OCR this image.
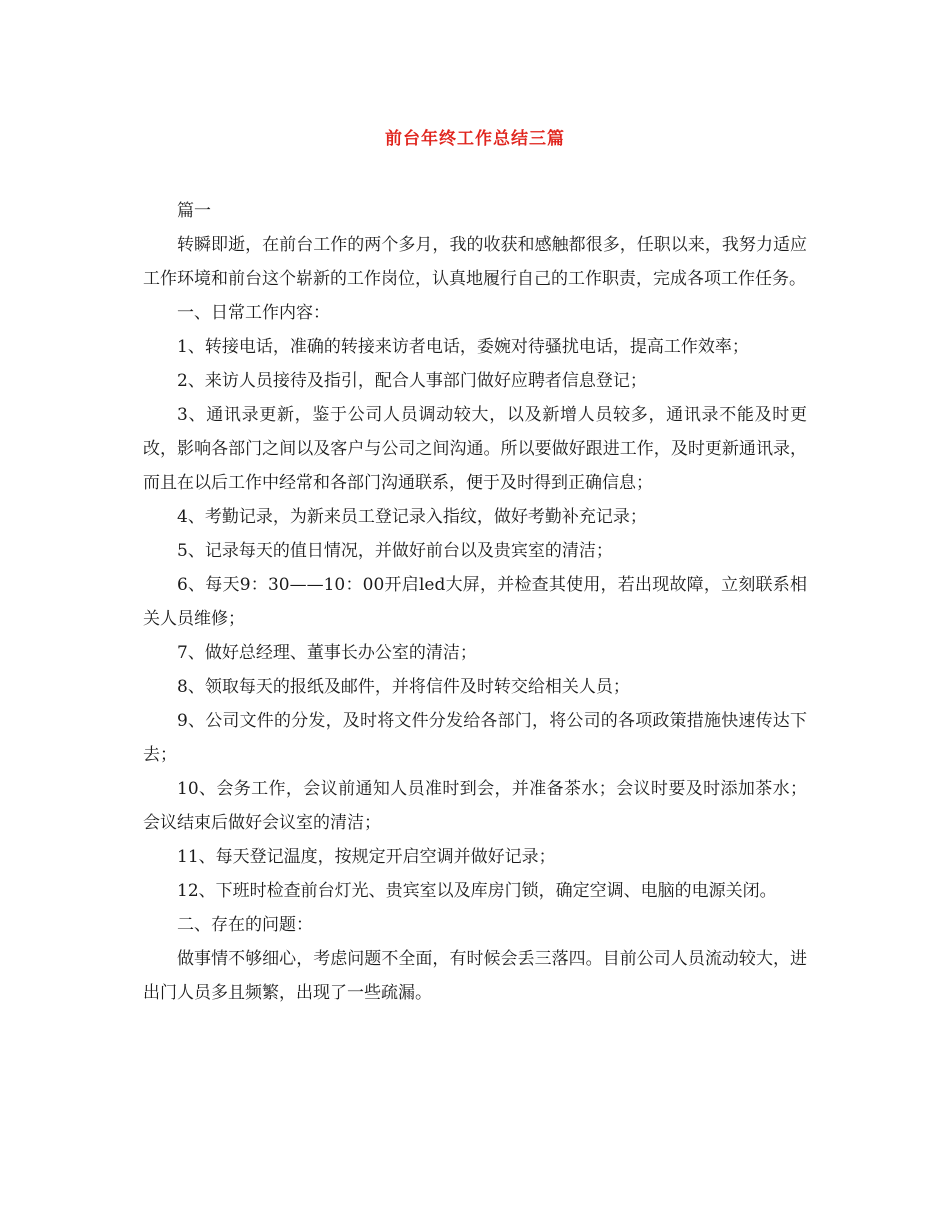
前台年终工作总结三篇

篇一

转瞬即逝，在前台工作的两个多月，我的收获和感触都很多，任职以来，我努力适应工作环境和前台这个崭新的工作岗位，认真地履行自己的工作职责，完成各项工作任务。

一、日常工作内容：

1、转接电话，准确的转接来访者电话，委婉对待骚扰电话，提高工作效率；

2、来访人员接待及指引，配合人事部门做好应聘者信息登记；

3、通讯录更新，鉴于公司人员调动较大，以及新增人员较多，通讯录不能及时更改，影响各部门之间以及客户与公司之间沟通。所以要做好跟进工作，及时更新通讯录，而且在以后工作中经常和各部门沟通联系，便于及时得到正确信息；

4、考勤记录，为新来员工登记录入指纹，做好考勤补充记录；

5、记录每天的值日情况，并做好前台以及贵宾室的清洁；

6、每天9：30——10：00开启led大屏，并检查其使用，若出现故障，立刻联系相关人员维修；

7、做好总经理、董事长办公室的清洁；

8、领取每天的报纸及邮件，并将信件及时转交给相关人员；

9、公司文件的分发，及时将文件分发给各部门，将公司的各项政策措施快速传达下去；

10、会务工作，会议前通知人员准时到会，并准备茶水；会议时要及时添加茶水；会议结束后做好会议室的清洁；

11、每天登记温度，按规定开启空调并做好记录；

12、下班时检查前台灯光、贵宾室以及库房门锁，确定空调、电脑的电源关闭。

二、存在的问题：

做事情不够细心，考虑问题不全面，有时候会丢三落四。目前公司人员流动较大，进出门人员多且频繁，出现了一些疏漏。
